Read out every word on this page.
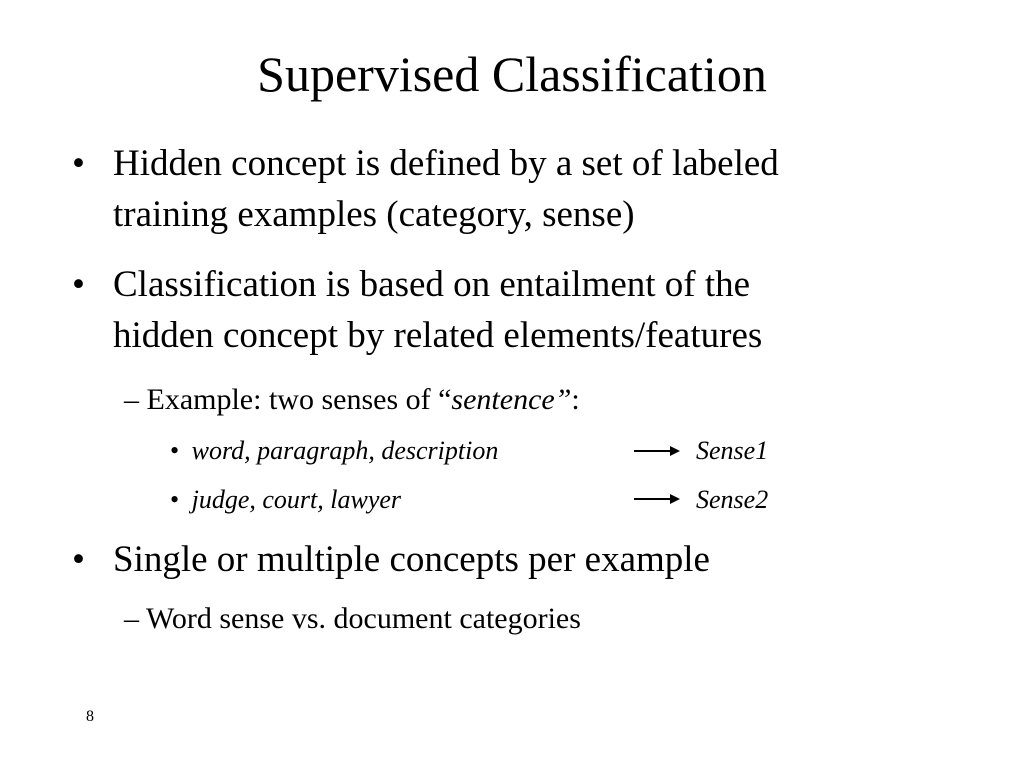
Supervised Classification
• Hidden concept is defined by a set of labeled
training examples (category, sense)
• Classification is based on entailment of the
hidden concept by related elements/features
– Example: two senses of “sentence”:
• word, paragraph, description	Sense1
• judge, court, lawyer	Sense2
• Single or multiple concepts per example
– Word sense vs. document categories
8
